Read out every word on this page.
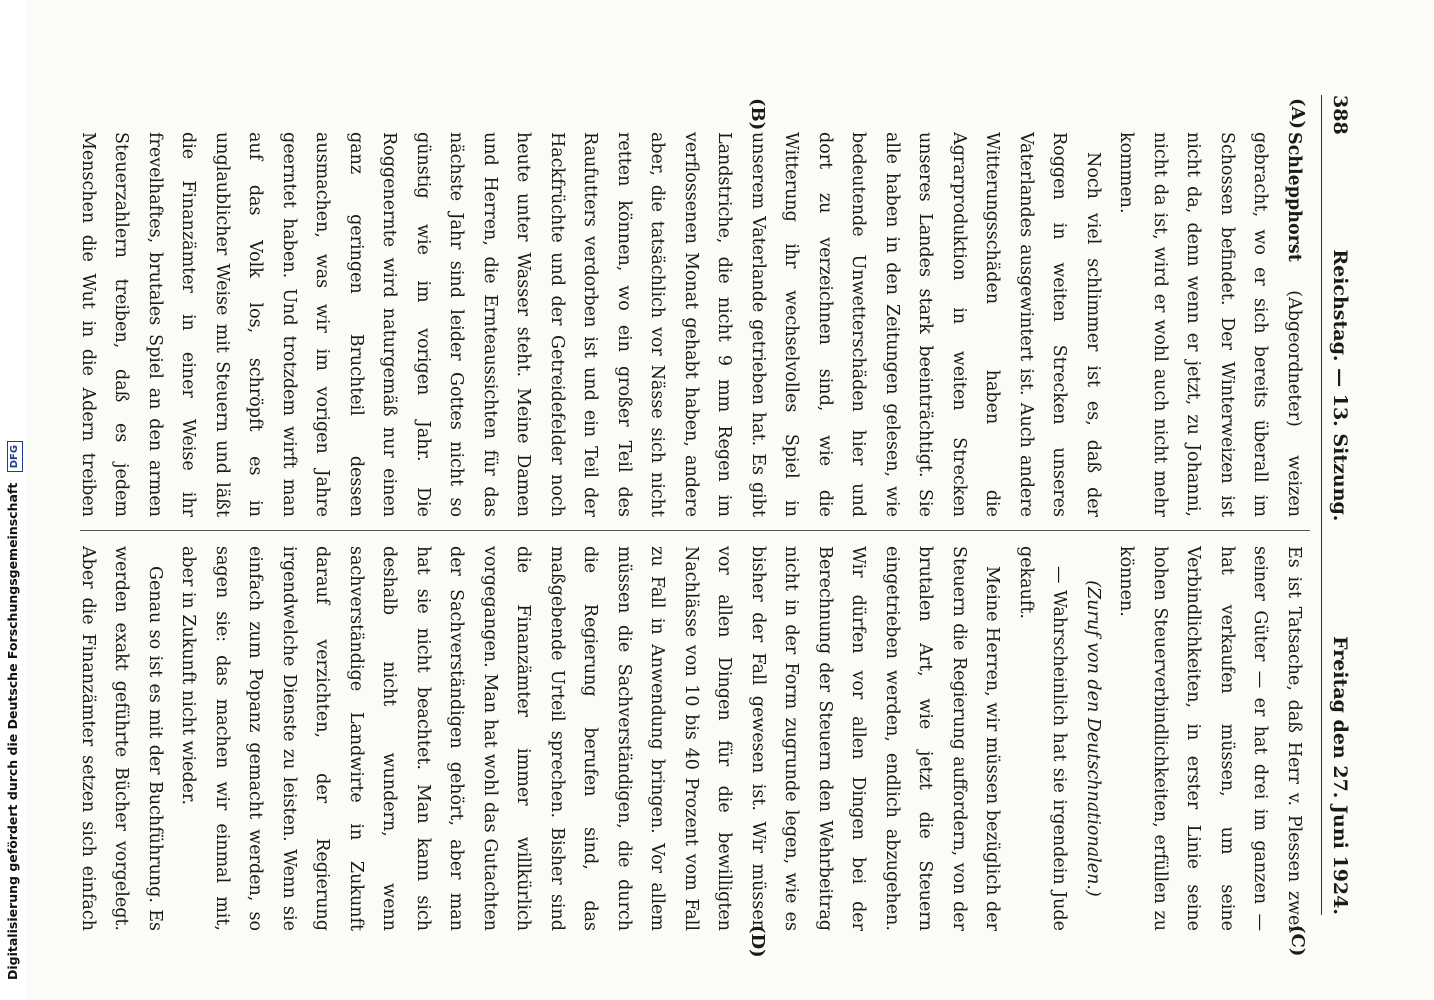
Digitalisierung gefördert durch die Deutsche Forschungsgemeinschaft DFG
388
Reichstag. — 13. Sitzung.
Freitag den 27. Juni 1924.
(A)
(B)
(C)
(D)

Schlepphorst (Abgeordneter) weizen gebracht, wo er sich bereits überall im Schossen befindet. Der Winterweizen ist nicht da, denn wenn er jetzt, zu Johanni, nicht da ist, wird er wohl auch nicht mehr kommen.

Noch viel schlimmer ist es, daß der Roggen in weiten Strecken unseres Vaterlandes ausgewintert ist. Auch andere Witterungsschäden haben die Agrarproduktion in weiten Strecken unseres Landes stark beeinträchtigt. Sie alle haben in den Zeitungen gelesen, wie bedeutende Unwetterschäden hier und dort zu verzeichnen sind, wie die Witterung ihr wechselvolles Spiel in unserem Vaterlande getrieben hat. Es gibt Landstriche, die nicht 9 mm Regen im verflossenen Monat gehabt haben, andere aber, die tatsächlich vor Nässe sich nicht retten können, wo ein großer Teil des Raufutters verdorben ist und ein Teil der Hackfrüchte und der Getreidefelder noch heute unter Wasser steht. Meine Damen und Herren, die Ernteaussichten für das nächste Jahr sind leider Gottes nicht so günstig wie im vorigen Jahr. Die Roggenernte wird naturgemäß nur einen ganz geringen Bruchteil dessen ausmachen, was wir im vorigen Jahre geerntet haben. Und trotzdem wirft man auf das Volk los, schröpft es in unglaublicher Weise mit Steuern und läßt die Finanzämter in einer Weise ihr frevelhaftes, brutales Spiel an den armen Steuerzahlern treiben, daß es jedem Menschen die Wut in die Adern treiben

Es ist Tatsache, daß Herr v. Plessen zwei seiner Güter — er hat drei im ganzen — hat verkaufen müssen, um seine Verbindlichkeiten, in erster Linie seine hohen Steuerverbindlichkeiten, erfüllen zu können.

(Zuruf von den Deutschnationalen.)

— Wahrscheinlich hat sie irgendein Jude gekauft.

Meine Herren, wir müssen bezüglich der Steuern die Regierung auffordern, von der brutalen Art, wie jetzt die Steuern eingetrieben werden, endlich abzugehen. Wir dürfen vor allen Dingen bei der Berechnung der Steuern den Wehrbeitrag nicht in der Form zugrunde legen, wie es bisher der Fall gewesen ist. Wir müssen vor allen Dingen für die bewilligten Nachlässe von 10 bis 40 Prozent vom Fall zu Fall in Anwendung bringen. Vor allem müssen die Sachverständigen, die durch die Regierung berufen sind, das maßgebende Urteil sprechen. Bisher sind die Finanzämter immer willkürlich vorgegangen. Man hat wohl das Gutachten der Sachverständigen gehört, aber man hat sie nicht beachtet. Man kann sich deshalb nicht wundern, wenn sachverständige Landwirte in Zukunft darauf verzichten, der Regierung irgendwelche Dienste zu leisten. Wenn sie einfach zum Popanz gemacht werden, so sagen sie: das machen wir einmal mit, aber in Zukunft nicht wieder.

Genau so ist es mit der Buchführung. Es werden exakt geführte Bücher vorgelegt. Aber die Finanzämter setzen sich einfach
